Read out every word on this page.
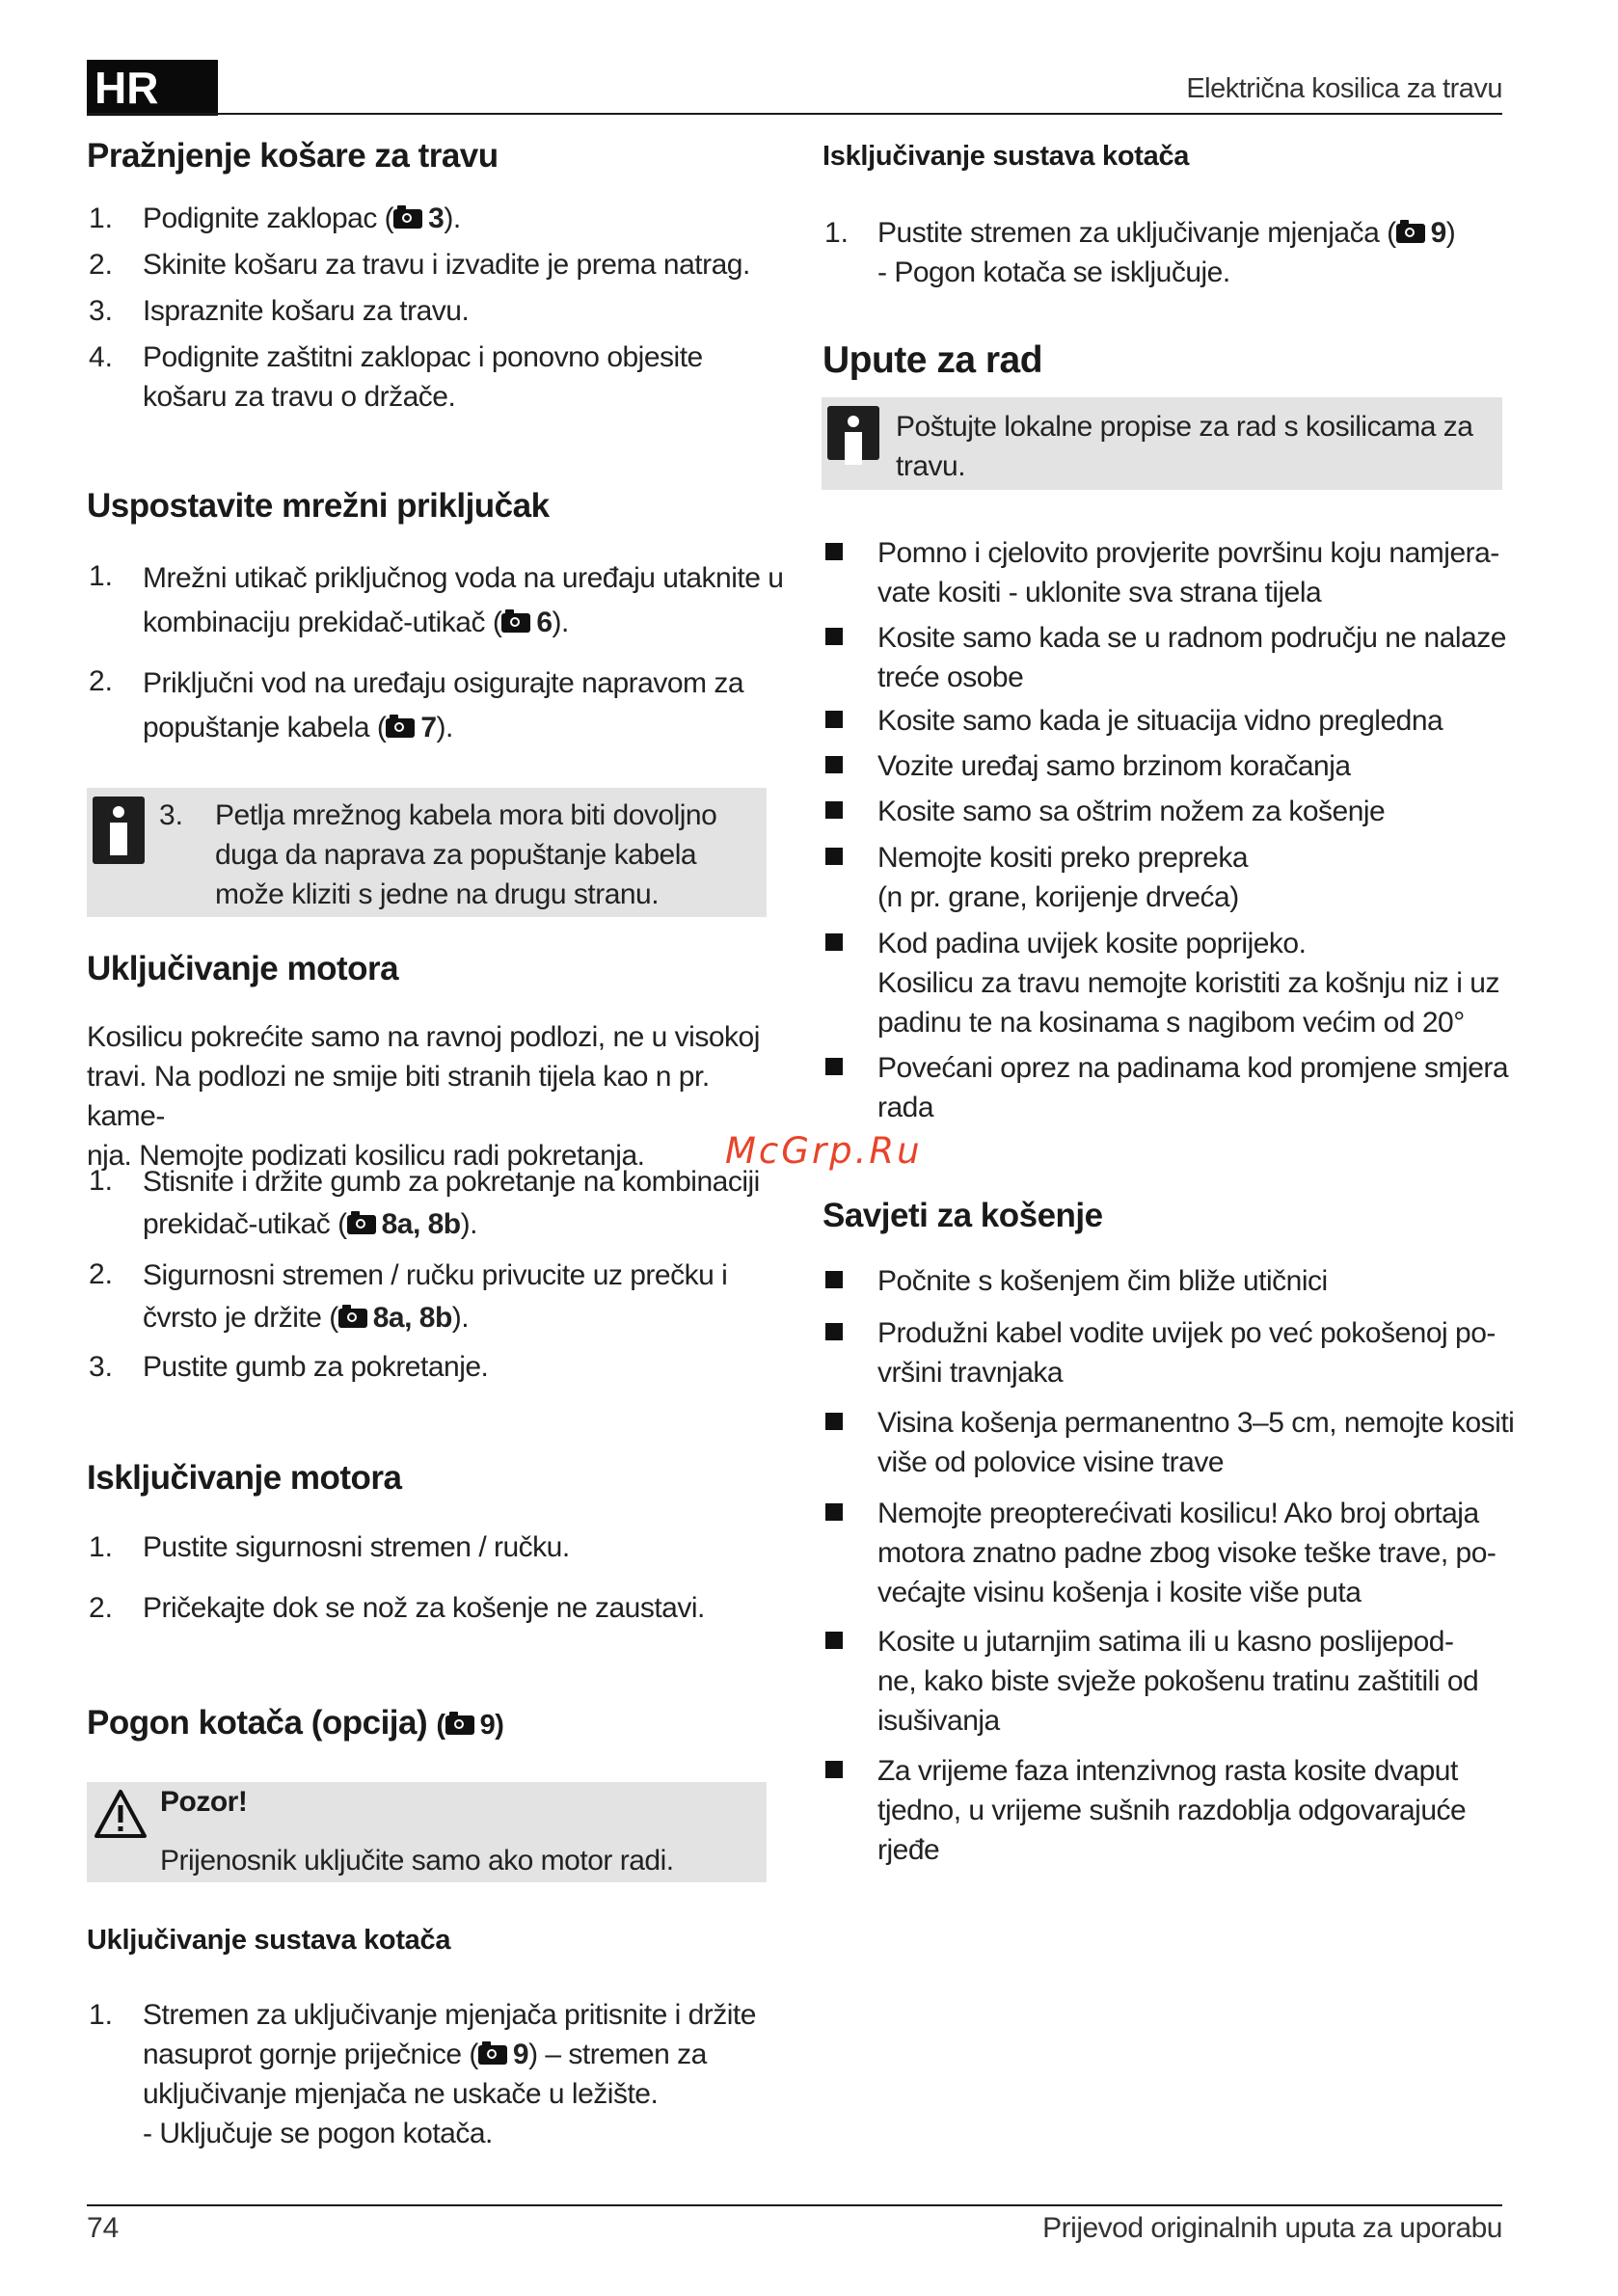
HR	Električna kosilica za travu
Pražnjenje košare za travu
1.	Podignite zaklopac ( 3).
2.	Skinite košaru za travu i izvadite je prema natrag.
3.	Ispraznite košaru za travu.
4.	Podignite zaštitni zaklopac i ponovno objesite
košaru za travu o držače.
Uspostavite mrežni priključak
1.	Mrežni utikač priključnog voda na uređaju utaknite u
kombinaciju prekidač-utikač ( 6).
2.	Priključni vod na uređaju osigurajte napravom za
popuštanje kabela ( 7).
3.	Petlja mrežnog kabela mora biti dovoljno
duga da naprava za popuštanje kabela
može kliziti s jedne na drugu stranu.
Uključivanje motora
Kosilicu pokrećite samo na ravnoj podlozi, ne u visokoj
travi. Na podlozi ne smije biti stranih tijela kao n pr. kame-
nja. Nemojte podizati kosilicu radi pokretanja.
1.	Stisnite i držite gumb za pokretanje na kombinaciji
prekidač-utikač ( 8a, 8b).
2.	Sigurnosni stremen / ručku privucite uz prečku i
čvrsto je držite ( 8a, 8b).
3.	Pustite gumb za pokretanje.
Isključivanje motora
1.	Pustite sigurnosni stremen / ručku.
2.	Pričekajte dok se nož za košenje ne zaustavi.
Pogon kotača (opcija) ( 9)
Pozor!
Prijenosnik uključite samo ako motor radi.
Uključivanje sustava kotača
1.	Stremen za uključivanje mjenjača pritisnite i držite
nasuprot gornje prijеčnice ( 9) – stremen za
uključivanje mjenjača ne uskače u ležište.
- Uključuje se pogon kotača.
Isključivanje sustava kotača
1. Pustite stremen za uključivanje mjenjača ( 9)
- Pogon kotača se isključuje.
Upute za rad
Poštujte lokalne propise za rad s kosilicama za
travu.
Pomno i cjelovito provjerite površinu koju namjera-
vate kositi - uklonite sva strana tijela
Kosite samo kada se u radnom području ne nalaze
treće osobe
Kosite samo kada je situacija vidno pregledna
Vozite uređaj samo brzinom koračanja
Kosite samo sa oštrim nožem za košenje
Nemojte kositi preko prepreka
(n pr. grane, korijenje drveća)
Kod padina uvijek kosite poprijeko.
Kosilicu za travu nemojte koristiti za košnju niz i uz
padinu te na kosinama s nagibom većim od 20°
Povećani oprez na padinama kod promjene smjera
rada
Savjeti za košenje
Počnite s košenjem čim bliže utičnici
Produžni kabel vodite uvijek po već pokošenoj po-
vršini travnjaka
Visina košenja permanentno 3–5 cm, nemojte kositi
više od polovice visine trave
Nemojte preopterećivati kosilicu! Ako broj obrtaja
motora znatno padne zbog visoke teške trave, po-
većajte visinu košenja i kosite više puta
Kosite u jutarnjim satima ili u kasno poslijepod-
ne, kako biste svježe pokošenu tratinu zaštitili od
isušivanja
Za vrijeme faza intenzivnog rasta kosite dvaput
tjedno, u vrijeme sušnih razdoblja odgovarajuće
rjeđe
McGrp.Ru
74	Prijevod originalnih uputa za uporabu
